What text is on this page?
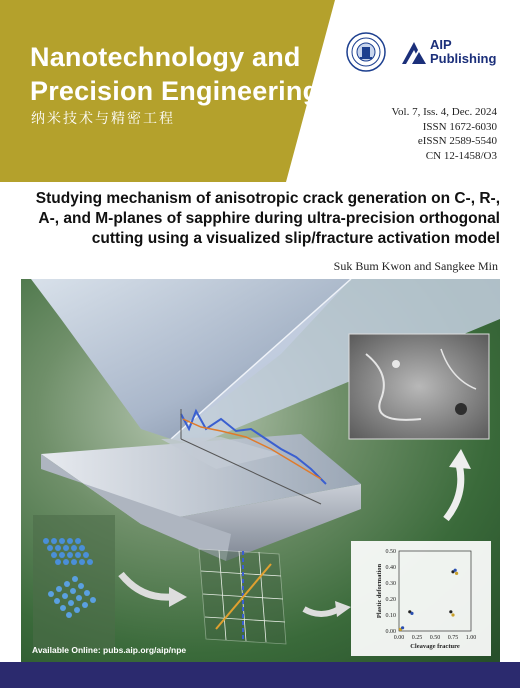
Nanotechnology and
Precision Engineering
纳米技术与精密工程
AIP
Publishing
Vol. 7, Iss. 4, Dec. 2024
ISSN 1672-6030
eISSN 2589-5540
CN 12-1458/O3
Studying mechanism of anisotropic crack generation on C-, R-,
A-, and M-planes of sapphire during ultra-precision orthogonal
cutting using a visualized slip/fracture activation model
Suk Bum Kwon and Sangkee Min
0.50
0.40
0.30
0.20
0.10
0.00
0.00 0.25 0.50 0.75 1.00
Cleavage fracture
Plastic deformation
Available Online: pubs.aip.org/aip/npe
